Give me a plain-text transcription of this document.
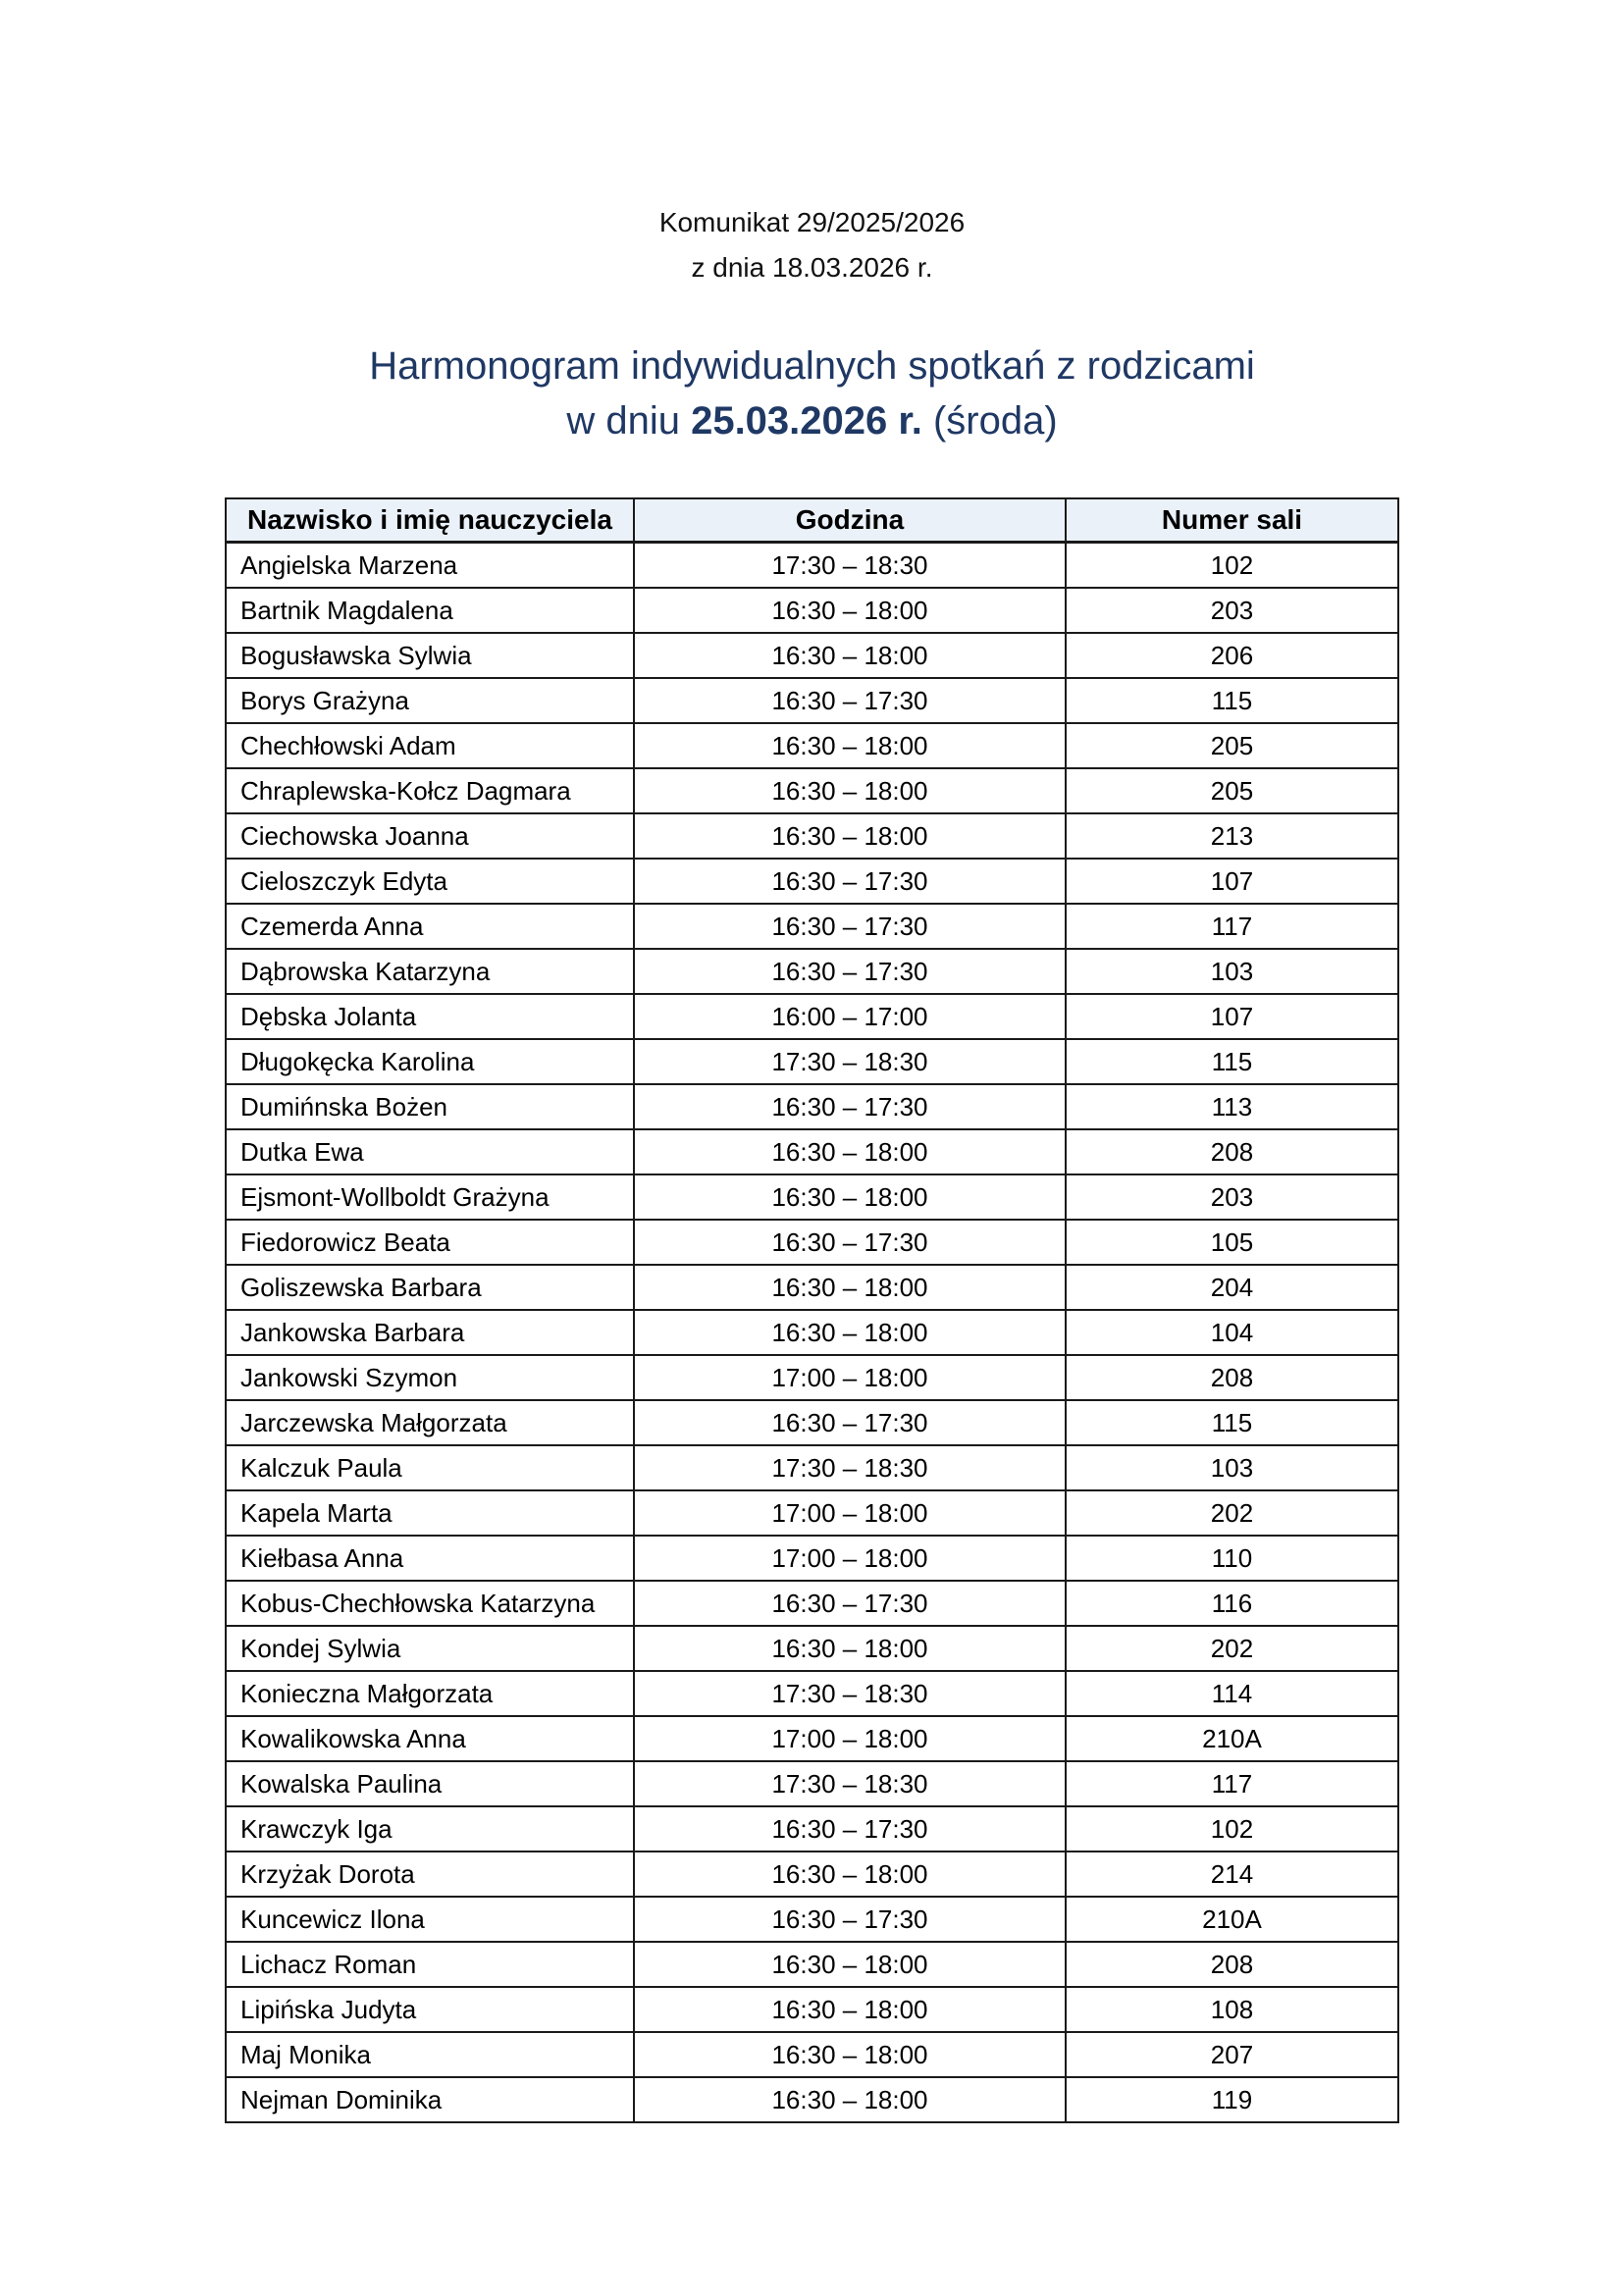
Komunikat 29/2025/2026
z dnia 18.03.2026 r.
Harmonogram indywidualnych spotkań z rodzicami
w dniu 25.03.2026 r. (środa)
Nazwisko i imię nauczyciela	Godzina	Numer sali
Angielska Marzena	17:30 – 18:30	102
Bartnik Magdalena	16:30 – 18:00	203
Bogusławska Sylwia	16:30 – 18:00	206
Borys Grażyna	16:30 – 17:30	115
Chechłowski Adam	16:30 – 18:00	205
Chraplewska-Kołcz Dagmara	16:30 – 18:00	205
Ciechowska Joanna	16:30 – 18:00	213
Cieloszczyk Edyta	16:30 – 17:30	107
Czemerda Anna	16:30 – 17:30	117
Dąbrowska Katarzyna	16:30 – 17:30	103
Dębska Jolanta	16:00 – 17:00	107
Długokęcka Karolina	17:30 – 18:30	115
Dumińnska Bożen	16:30 – 17:30	113
Dutka Ewa	16:30 – 18:00	208
Ejsmont-Wollboldt Grażyna	16:30 – 18:00	203
Fiedorowicz Beata	16:30 – 17:30	105
Goliszewska Barbara	16:30 – 18:00	204
Jankowska Barbara	16:30 – 18:00	104
Jankowski Szymon	17:00 – 18:00	208
Jarczewska Małgorzata	16:30 – 17:30	115
Kalczuk Paula	17:30 – 18:30	103
Kapela Marta	17:00 – 18:00	202
Kiełbasa Anna	17:00 – 18:00	110
Kobus-Chechłowska Katarzyna	16:30 – 17:30	116
Kondej Sylwia	16:30 – 18:00	202
Konieczna Małgorzata	17:30 – 18:30	114
Kowalikowska Anna	17:00 – 18:00	210A
Kowalska Paulina	17:30 – 18:30	117
Krawczyk Iga	16:30 – 17:30	102
Krzyżak Dorota	16:30 – 18:00	214
Kuncewicz Ilona	16:30 – 17:30	210A
Lichacz Roman	16:30 – 18:00	208
Lipińska Judyta	16:30 – 18:00	108
Maj Monika	16:30 – 18:00	207
Nejman Dominika	16:30 – 18:00	119
